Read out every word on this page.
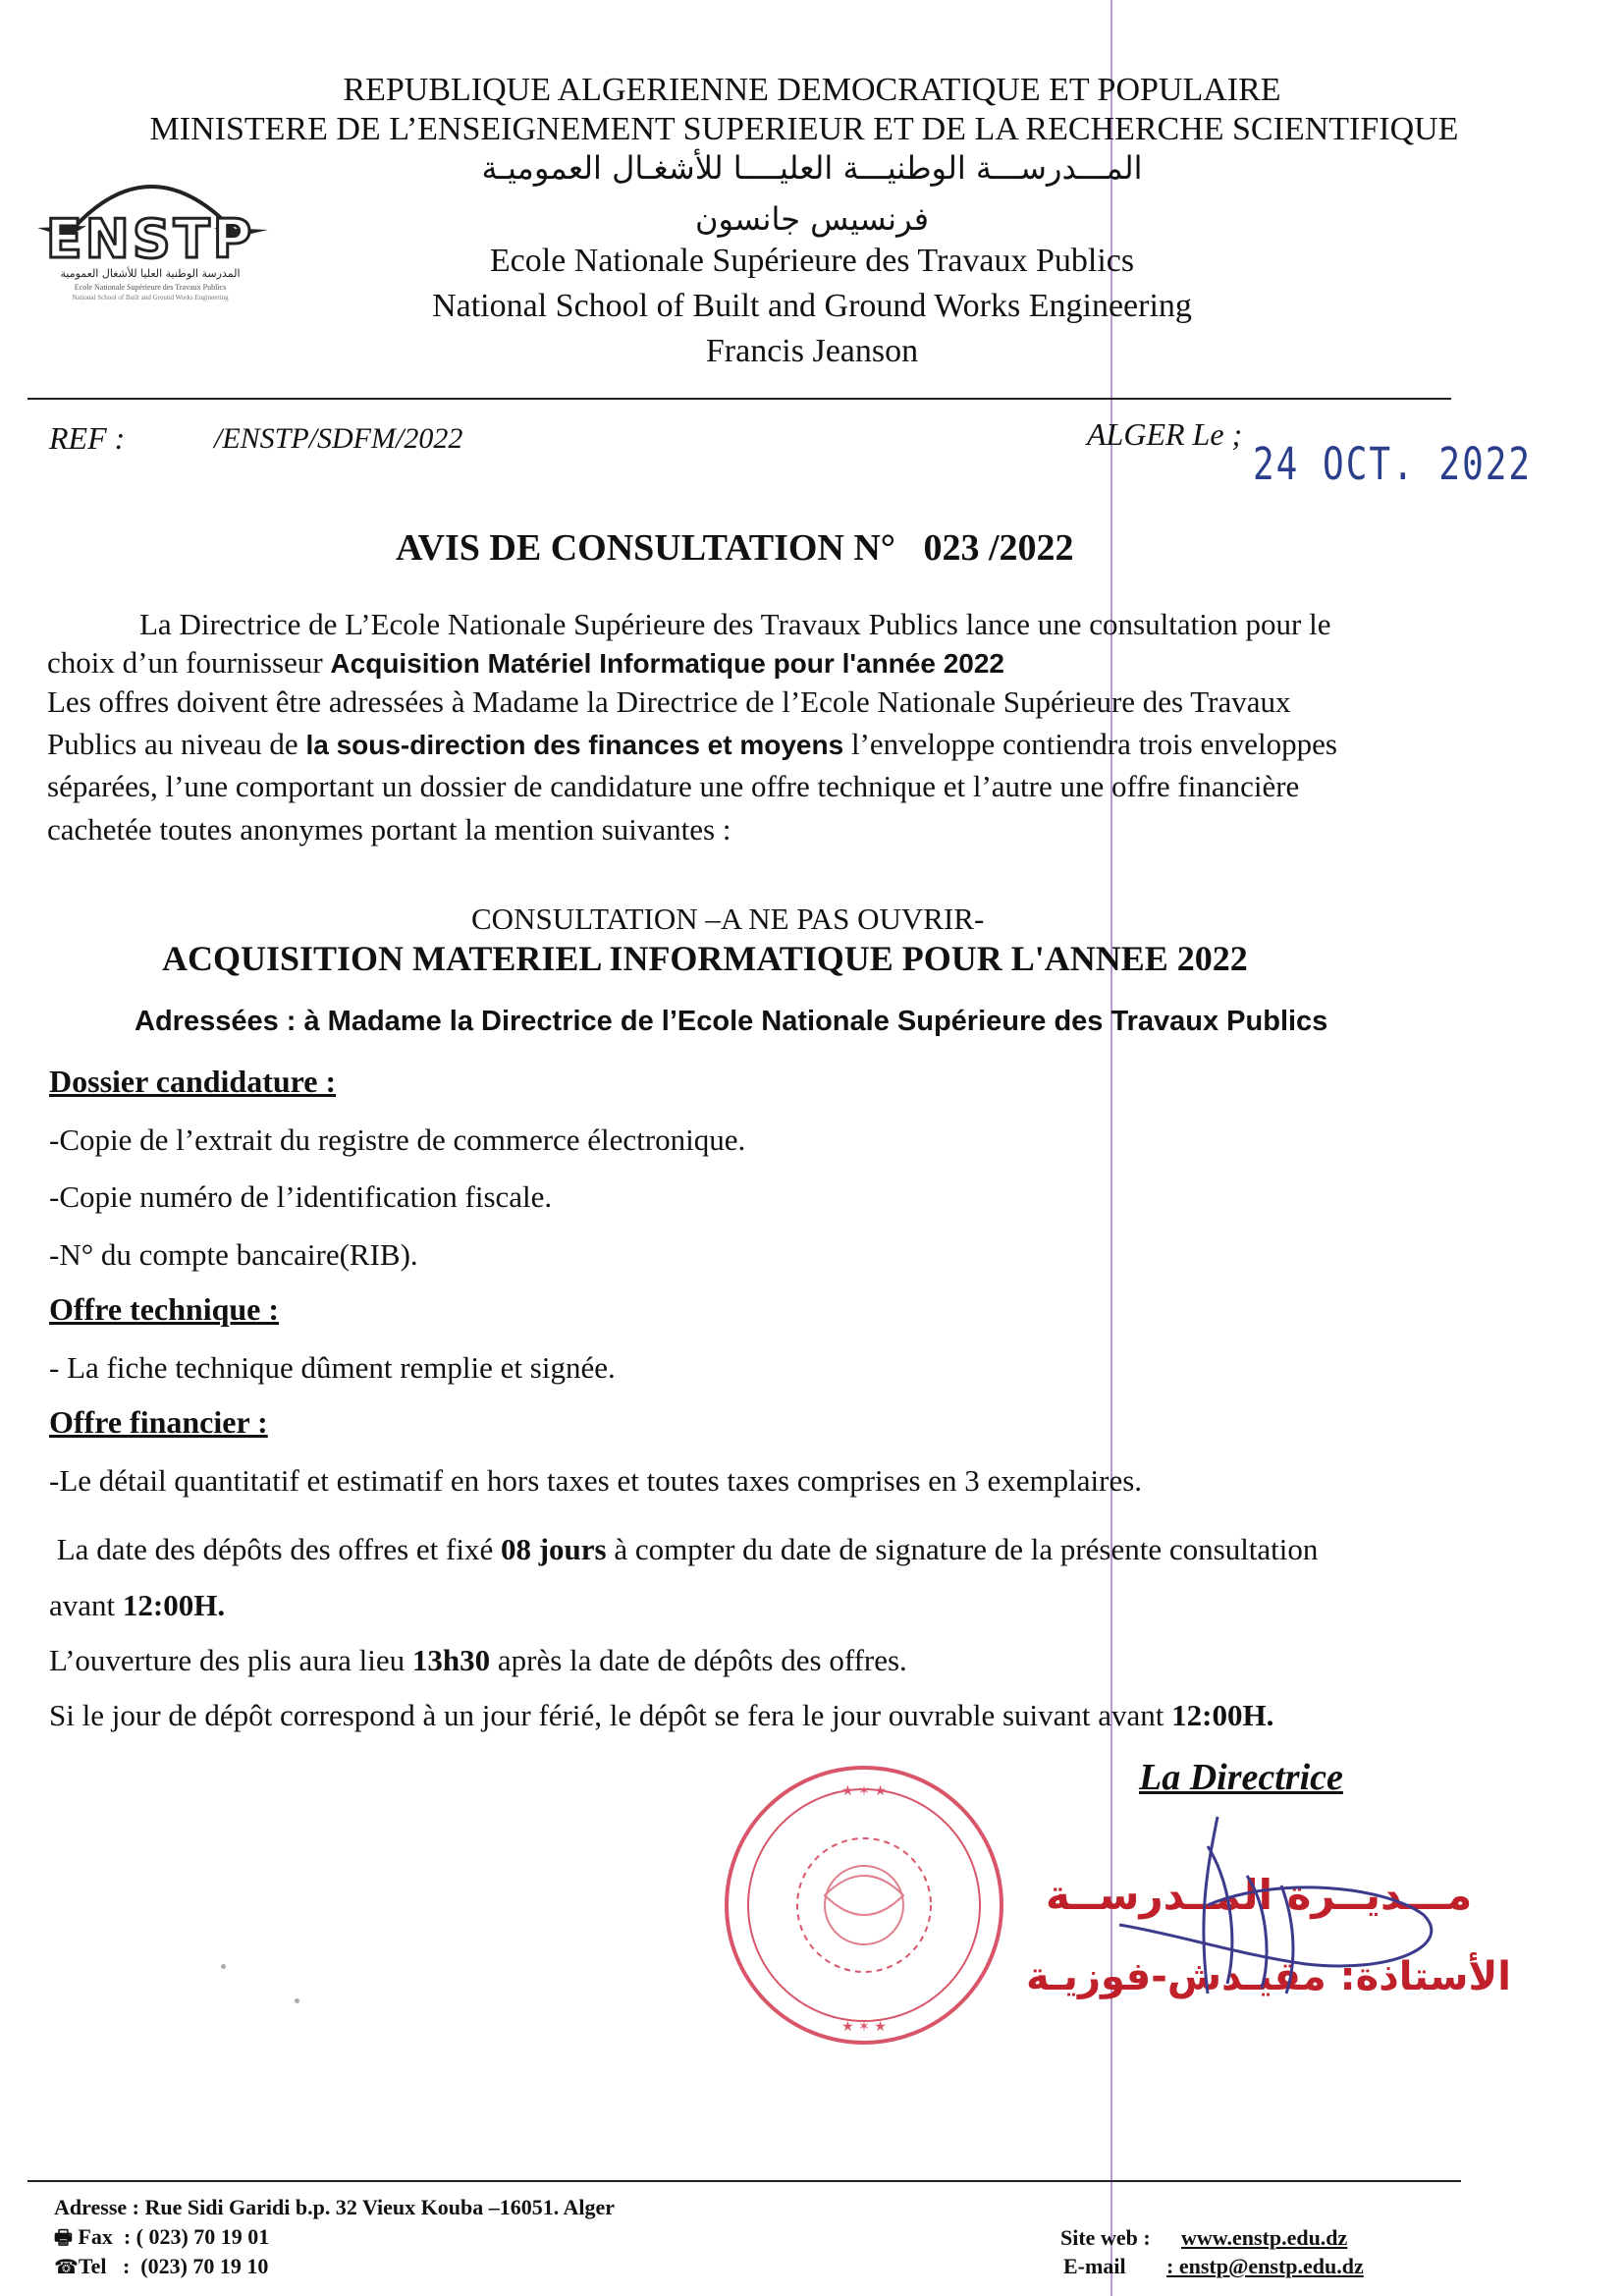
REPUBLIQUE ALGERIENNE DEMOCRATIQUE ET POPULAIRE
MINISTERE DE L’ENSEIGNEMENT SUPERIEUR ET DE LA RECHERCHE SCIENTIFIQUE
المـــدرســـة الوطنيـــة العليــــا للأشغـال العموميـة
فرنسيس جانسون
Ecole Nationale Supérieure des Travaux Publics
National School of Built and Ground Works Engineering
Francis Jeanson
ENSTP
المدرسة الوطنية العليا للأشغال العمومية
Ecole Nationale Supérieure des Travaux Publics
National School of Built and Ground Works Engineering
REF :	/ENSTP/SDFM/2022	ALGER Le ;
24 OCT. 2022
AVIS DE CONSULTATION N°   023 /2022
La Directrice de L’Ecole Nationale Supérieure des Travaux Publics lance une consultation pour le
choix d’un fournisseur Acquisition Matériel Informatique pour l'année 2022
Les offres doivent être adressées à Madame la Directrice de l’Ecole Nationale Supérieure des Travaux
Publics au niveau de la sous-direction des finances et moyens l’enveloppe contiendra trois enveloppes
séparées, l’une comportant un dossier de candidature une offre technique et l’autre une offre financière
cachetée toutes anonymes portant la mention suivantes :
CONSULTATION –A NE PAS OUVRIR-
ACQUISITION MATERIEL INFORMATIQUE POUR L'ANNEE 2022
Adressées : à Madame la Directrice de l’Ecole Nationale Supérieure des Travaux Publics
Dossier candidature :
-Copie de l’extrait du registre de commerce électronique.
-Copie numéro de l’identification fiscale.
-N° du compte bancaire(RIB).
Offre technique :
- La fiche technique dûment remplie et signée.
Offre financier :
-Le détail quantitatif et estimatif en hors taxes et toutes taxes comprises en 3 exemplaires.
La date des dépôts des offres et fixé 08 jours à compter du date de signature de la présente consultation
avant 12:00H.
L’ouverture des plis aura lieu 13h30 après la date de dépôts des offres.
Si le jour de dépôt correspond à un jour férié, le dépôt se fera le jour ouvrable suivant avant 12:00H.
La Directrice
★ ✶ ★
★ ✶ ★
مـــديــرة المــدرســة
الأستاذة: مقيـدش-فوزيـة
Adresse : Rue Sidi Garidi b.p. 32 Vieux Kouba –16051. Alger
🖶 Fax  : ( 023) 70 19 01
☎Tel   :  (023) 70 19 10
Site web : www.enstp.edu.dz
E-mail : enstp@enstp.edu.dz
